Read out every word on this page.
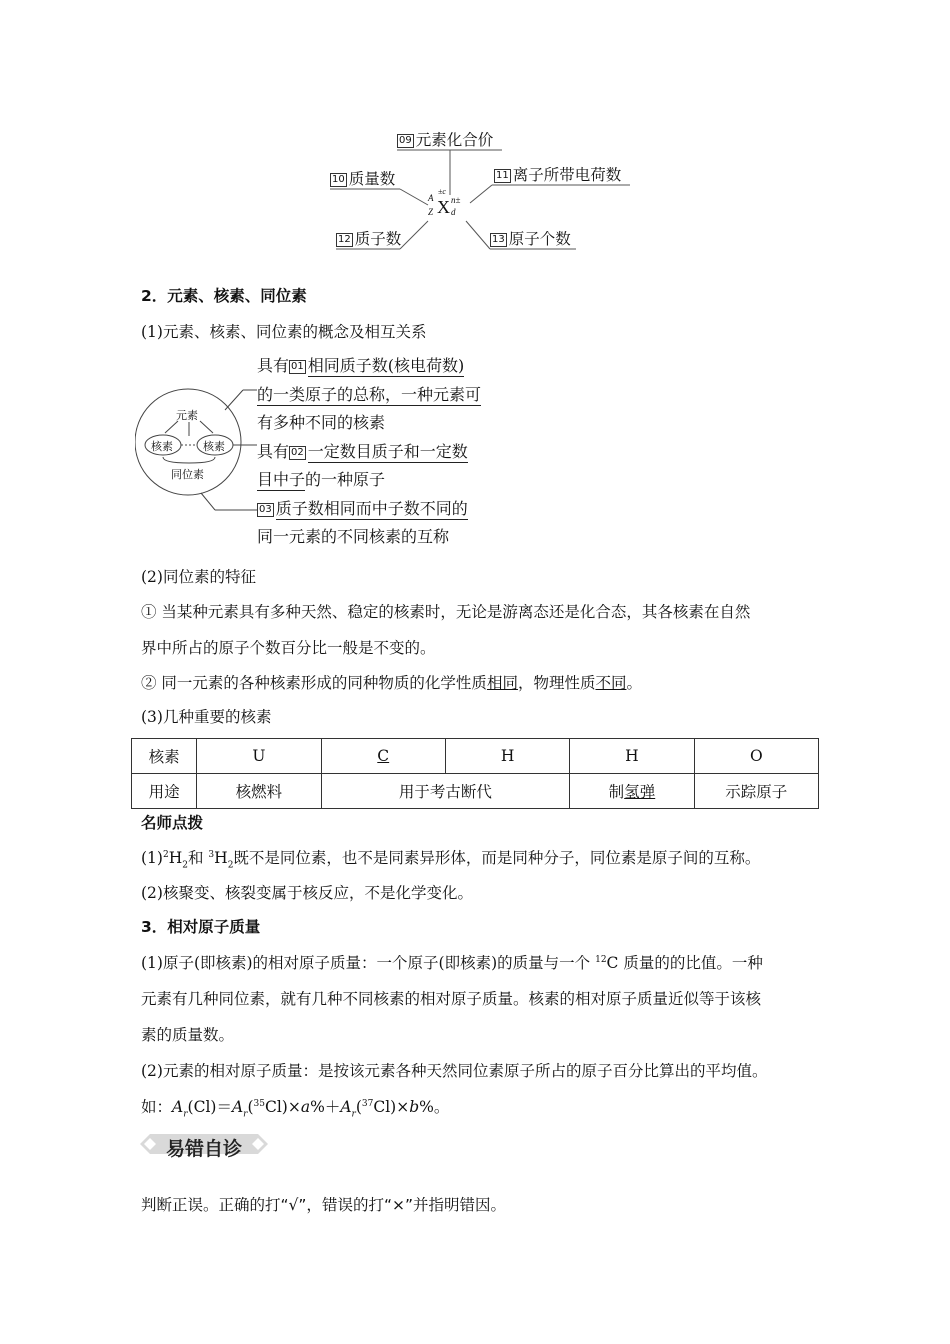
09 元素化合价
10 质量数	11 离子所带电荷数
12 质子数	13 原子个数
A
Z
±c
X n±
d
2．元素、核素、同位素
(1)元素、核素、同位素的概念及相互关系
元素
核素	核素
同位素
具有 01 相同质子数(核电荷数)
的一类原子的总称，一种元素可
有多种不同的核素
具有 02 一定数目质子和一定数
目中子的一种原子
03 质子数相同而中子数不同的
同一元素的不同核素的互称
(2)同位素的特征
① 当某种元素具有多种天然、稳定的核素时，无论是游离态还是化合态，其各核素在自然
界中所占的原子个数百分比一般是不变的。
② 同一元素的各种核素形成的同种物质的化学性质相同，物理性质不同。
(3)几种重要的核素
核素	U	C	H	H	O
用途	核燃料	用于考古断代		制氢弹	示踪原子
名师点拨
$(1)^2H_2$和 $^3H_2$既不是同位素，也不是同素异形体，而是同种分子，同位素是原子间的互称。
(2)核聚变、核裂变属于核反应，不是化学变化。
3．相对原子质量
(1)原子(即核素)的相对原子质量：一个原子(即核素)的质量与一个 $^{12}$C 质量的的比值。一种
元素有几种同位素，就有几种不同核素的相对原子质量。核素的相对原子质量近似等于该核
素的质量数。
(2)元素的相对原子质量：是按该元素各种天然同位素原子所占的原子百分比算出的平均值。
如：$A_r(Cl)=A_r(^{35}Cl)\times a\%+A_r(^{37}Cl)\times b\%$。
易错自诊
判断正误。正确的打“√”，错误的打“×”并指明错因。
